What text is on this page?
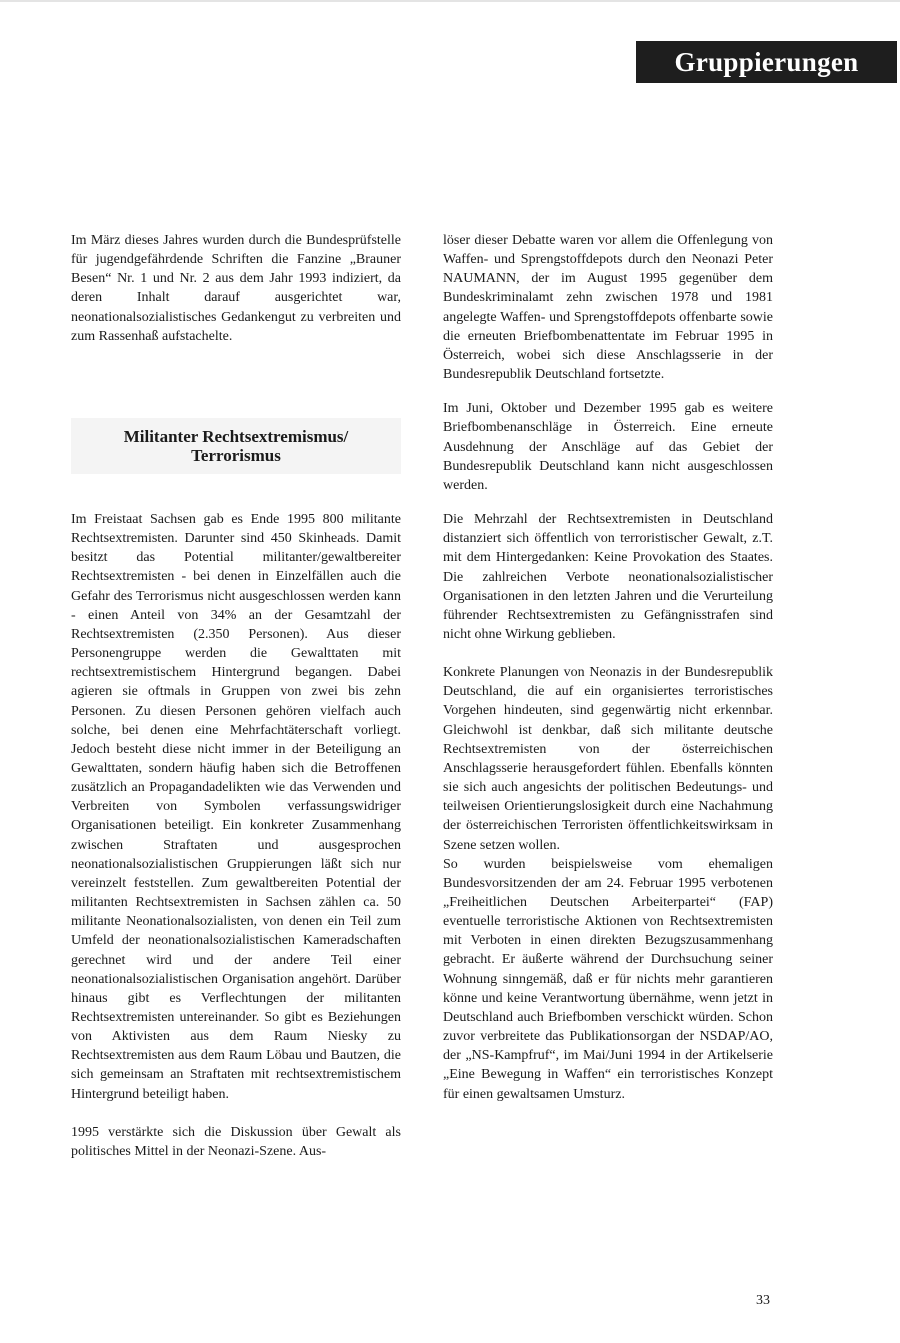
Gruppierungen

Im März dieses Jahres wurden durch die Bundesprüfstelle für jugendgefährdende Schriften die Fanzine „Brauner Besen“ Nr. 1 und Nr. 2 aus dem Jahr 1993 indiziert, da deren Inhalt darauf ausgerichtet war, neonationalsozialistisches Gedankengut zu verbreiten und zum Rassenhaß aufstachelte.

Militanter Rechtsextremismus/
Terrorismus

Im Freistaat Sachsen gab es Ende 1995 800 militante Rechtsextremisten. Darunter sind 450 Skinheads. Damit besitzt das Potential militanter/gewaltbereiter Rechtsextremisten - bei denen in Einzelfällen auch die Gefahr des Terrorismus nicht ausgeschlossen werden kann - einen Anteil von 34% an der Gesamtzahl der Rechtsextremisten (2.350 Personen). Aus dieser Personengruppe werden die Gewalttaten mit rechtsextremistischem Hintergrund begangen. Dabei agieren sie oftmals in Gruppen von zwei bis zehn Personen. Zu diesen Personen gehören vielfach auch solche, bei denen eine Mehrfachtäterschaft vorliegt. Jedoch besteht diese nicht immer in der Beteiligung an Gewalttaten, sondern häufig haben sich die Betroffenen zusätzlich an Propagandadelikten wie das Verwenden und Verbreiten von Symbolen verfassungswidriger Organisationen beteiligt. Ein konkreter Zusammenhang zwischen Straftaten und ausgesprochen neonationalsozialistischen Gruppierungen läßt sich nur vereinzelt feststellen. Zum gewaltbereiten Potential der militanten Rechtsextremisten in Sachsen zählen ca. 50 militante Neonationalsozialisten, von denen ein Teil zum Umfeld der neonationalsozialistischen Kameradschaften gerechnet wird und der andere Teil einer neonationalsozialistischen Organisation angehört. Darüber hinaus gibt es Verflechtungen der militanten Rechtsextremisten untereinander. So gibt es Beziehungen von Aktivisten aus dem Raum Niesky zu Rechtsextremisten aus dem Raum Löbau und Bautzen, die sich gemeinsam an Straftaten mit rechtsextremistischem Hintergrund beteiligt haben.

1995 verstärkte sich die Diskussion über Gewalt als politisches Mittel in der Neonazi-Szene. Aus-

löser dieser Debatte waren vor allem die Offenlegung von Waffen- und Sprengstoffdepots durch den Neonazi Peter NAUMANN, der im August 1995 gegenüber dem Bundeskriminalamt zehn zwischen 1978 und 1981 angelegte Waffen- und Sprengstoffdepots offenbarte sowie die erneuten Briefbombenattentate im Februar 1995 in Österreich, wobei sich diese Anschlagsserie in der Bundesrepublik Deutschland fortsetzte.

Im Juni, Oktober und Dezember 1995 gab es weitere Briefbombenanschläge in Österreich. Eine erneute Ausdehnung der Anschläge auf das Gebiet der Bundesrepublik Deutschland kann nicht ausgeschlossen werden.

Die Mehrzahl der Rechtsextremisten in Deutschland distanziert sich öffentlich von terroristischer Gewalt, z.T. mit dem Hintergedanken: Keine Provokation des Staates. Die zahlreichen Verbote neonationalsozialistischer Organisationen in den letzten Jahren und die Verurteilung führender Rechtsextremisten zu Gefängnisstrafen sind nicht ohne Wirkung geblieben.

Konkrete Planungen von Neonazis in der Bundesrepublik Deutschland, die auf ein organisiertes terroristisches Vorgehen hindeuten, sind gegenwärtig nicht erkennbar. Gleichwohl ist denkbar, daß sich militante deutsche Rechtsextremisten von der österreichischen Anschlagsserie herausgefordert fühlen. Ebenfalls könnten sie sich auch angesichts der politischen Bedeutungs- und teilweisen Orientierungslosigkeit durch eine Nachahmung der österreichischen Terroristen öffentlichkeitswirksam in Szene setzen wollen.

So wurden beispielsweise vom ehemaligen Bundesvorsitzenden der am 24. Februar 1995 verbotenen „Freiheitlichen Deutschen Arbeiterpartei“ (FAP) eventuelle terroristische Aktionen von Rechtsextremisten mit Verboten in einen direkten Bezugszusammenhang gebracht. Er äußerte während der Durchsuchung seiner Wohnung sinngemäß, daß er für nichts mehr garantieren könne und keine Verantwortung übernähme, wenn jetzt in Deutschland auch Briefbomben verschickt würden. Schon zuvor verbreitete das Publikationsorgan der NSDAP/AO, der „NS-Kampfruf“, im Mai/Juni 1994 in der Artikelserie „Eine Bewegung in Waffen“ ein terroristisches Konzept für einen gewaltsamen Umsturz.

33
